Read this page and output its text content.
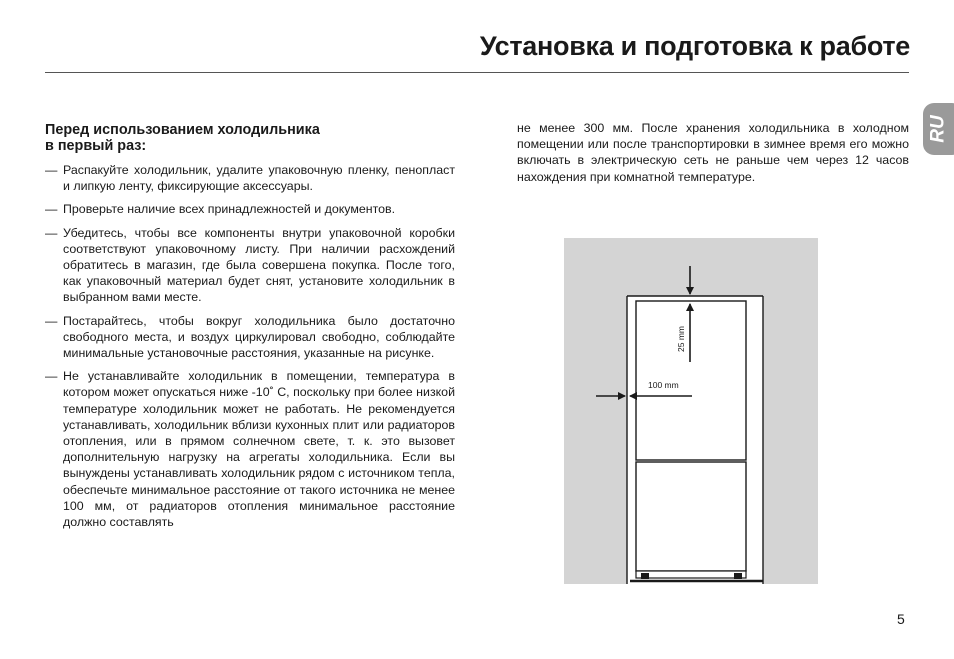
Установка и подготовка к работе
RU
Перед использованием холодильника
в первый раз:
— Распакуйте холодильник, удалите упаковочную пленку, пенопласт и липкую ленту, фиксирующие аксессуары.
— Проверьте наличие всех принадлежностей и документов.
— Убедитесь, чтобы все компоненты внутри упаковочной коробки соответствуют упаковочному листу. При наличии расхождений обратитесь в магазин, где была совершена покупка. После того, как упаковочный материал будет снят, установите холодильник в выбранном вами месте.
— Постарайтесь, чтобы вокруг холодильника было достаточно свободного места, и воздух циркулировал свободно, соблюдайте минимальные установочные расстояния, указанные на рисунке.
— Не устанавливайте холодильник в помещении, температура в котором может опускаться ниже -10˚ С, поскольку при более низкой температуре холодильник может не работать. Не рекомендуется устанавливать, холодильник вблизи кухонных плит или радиаторов отопления, или в прямом солнечном свете, т. к. это вызовет дополнительную нагрузку на агрегаты холодильника. Если вы вынуждены устанавливать холодильник рядом с источником тепла, обеспечьте минимальное расстояние от такого источника не менее 100 мм, от радиаторов отопления минимальное расстояние должно составлять
не менее 300 мм. После хранения холодильника в холодном помещении или после транспортировки в зимнее время его можно включать в электрическую сеть не раньше чем через 12 часов нахождения при комнатной температуре.
25 mm
100 mm
5
